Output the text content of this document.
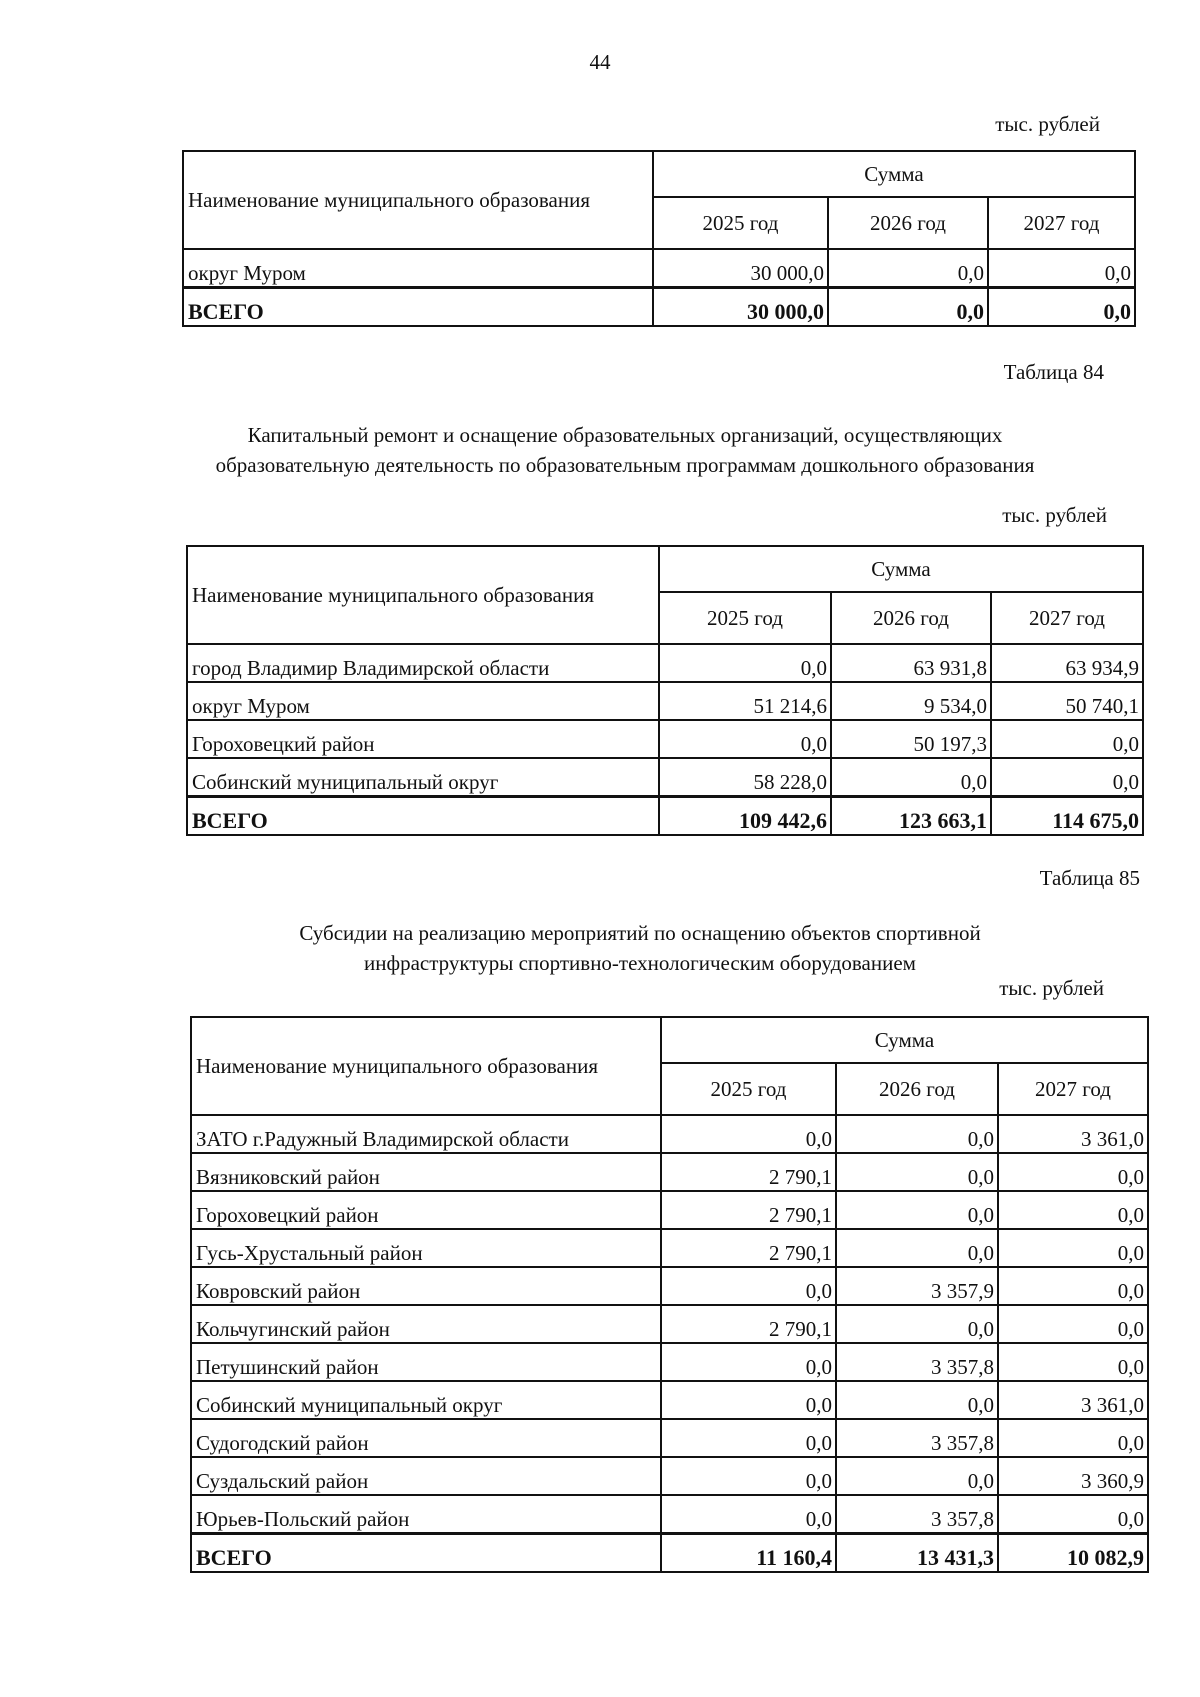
44
тыс. рублей
Наименование муниципального образования	Сумма		
	2025 год	2026 год	2027 год
округ Муром	30 000,0	0,0	0,0
ВСЕГО	30 000,0	0,0	0,0
Таблица 84
Капитальный ремонт и оснащение образовательных организаций, осуществляющих
образовательную деятельность по образовательным программам дошкольного образования
тыс. рублей
Наименование муниципального образования	Сумма		
	2025 год	2026 год	2027 год
город Владимир Владимирской области	0,0	63 931,8	63 934,9
округ Муром	51 214,6	9 534,0	50 740,1
Гороховецкий район	0,0	50 197,3	0,0
Собинский муниципальный округ	58 228,0	0,0	0,0
ВСЕГО	109 442,6	123 663,1	114 675,0
Таблица 85
Субсидии на реализацию мероприятий по оснащению объектов спортивной
инфраструктуры спортивно-технологическим оборудованием
тыс. рублей
Наименование муниципального образования	Сумма		
	2025 год	2026 год	2027 год
ЗАТО г.Радужный Владимирской области	0,0	0,0	3 361,0
Вязниковский район	2 790,1	0,0	0,0
Гороховецкий район	2 790,1	0,0	0,0
Гусь-Хрустальный район	2 790,1	0,0	0,0
Ковровский район	0,0	3 357,9	0,0
Кольчугинский район	2 790,1	0,0	0,0
Петушинский район	0,0	3 357,8	0,0
Собинский муниципальный округ	0,0	0,0	3 361,0
Судогодский район	0,0	3 357,8	0,0
Суздальский район	0,0	0,0	3 360,9
Юрьев-Польский район	0,0	3 357,8	0,0
ВСЕГО	11 160,4	13 431,3	10 082,9
